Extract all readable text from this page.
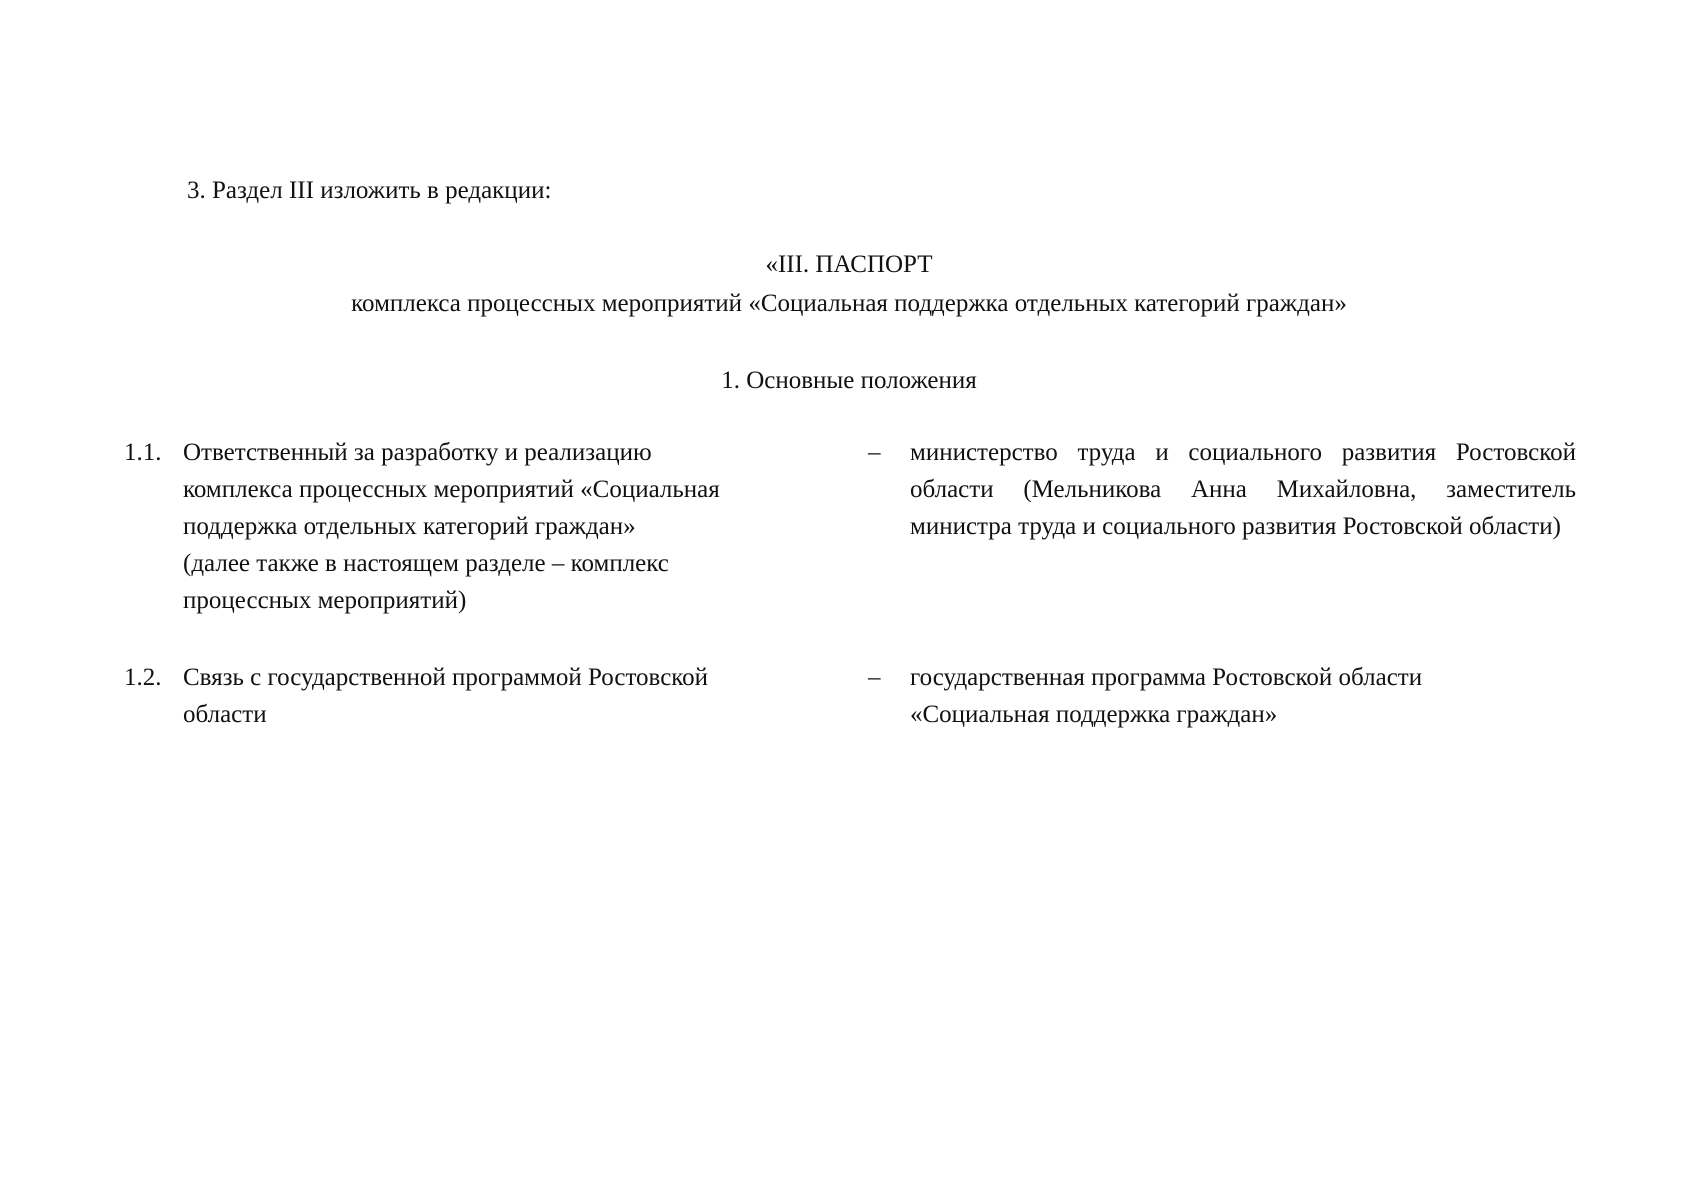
3. Раздел III изложить в редакции:
«III. ПАСПОРТ
комплекса процессных мероприятий «Социальная поддержка отдельных категорий граждан»
1. Основные положения
1.1. Ответственный за разработку и реализацию
комплекса процессных мероприятий «Социальная
поддержка отдельных категорий граждан»
(далее также в настоящем разделе – комплекс
процессных мероприятий)
– министерство труда и социального развития Ростовской области (Мельникова Анна Михайловна, заместитель министра труда и социального развития Ростовской области)
1.2. Связь с государственной программой Ростовской
области
– государственная программа Ростовской области
«Социальная поддержка граждан»
